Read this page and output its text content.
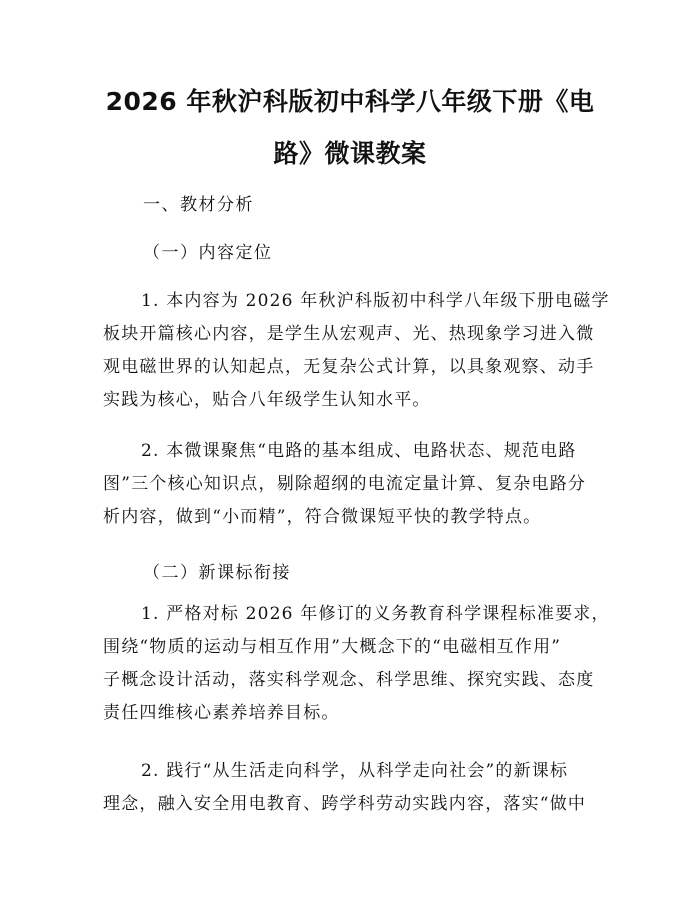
2026 年秋沪科版初中科学八年级下册《电
路》微课教案
一、教材分析
（一）内容定位
1. 本内容为 2026 年秋沪科版初中科学八年级下册电磁学
板块开篇核心内容，是学生从宏观声、光、热现象学习进入微
观电磁世界的认知起点，无复杂公式计算，以具象观察、动手
实践为核心，贴合八年级学生认知水平。
2. 本微课聚焦“电路的基本组成、电路状态、规范电路
图”三个核心知识点，剔除超纲的电流定量计算、复杂电路分
析内容，做到“小而精”，符合微课短平快的教学特点。
（二）新课标衔接
1. 严格对标 2026 年修订的义务教育科学课程标准要求，
围绕“物质的运动与相互作用”大概念下的“电磁相互作用”
子概念设计活动，落实科学观念、科学思维、探究实践、态度
责任四维核心素养培养目标。
2. 践行“从生活走向科学，从科学走向社会”的新课标
理念，融入安全用电教育、跨学科劳动实践内容，落实“做中
